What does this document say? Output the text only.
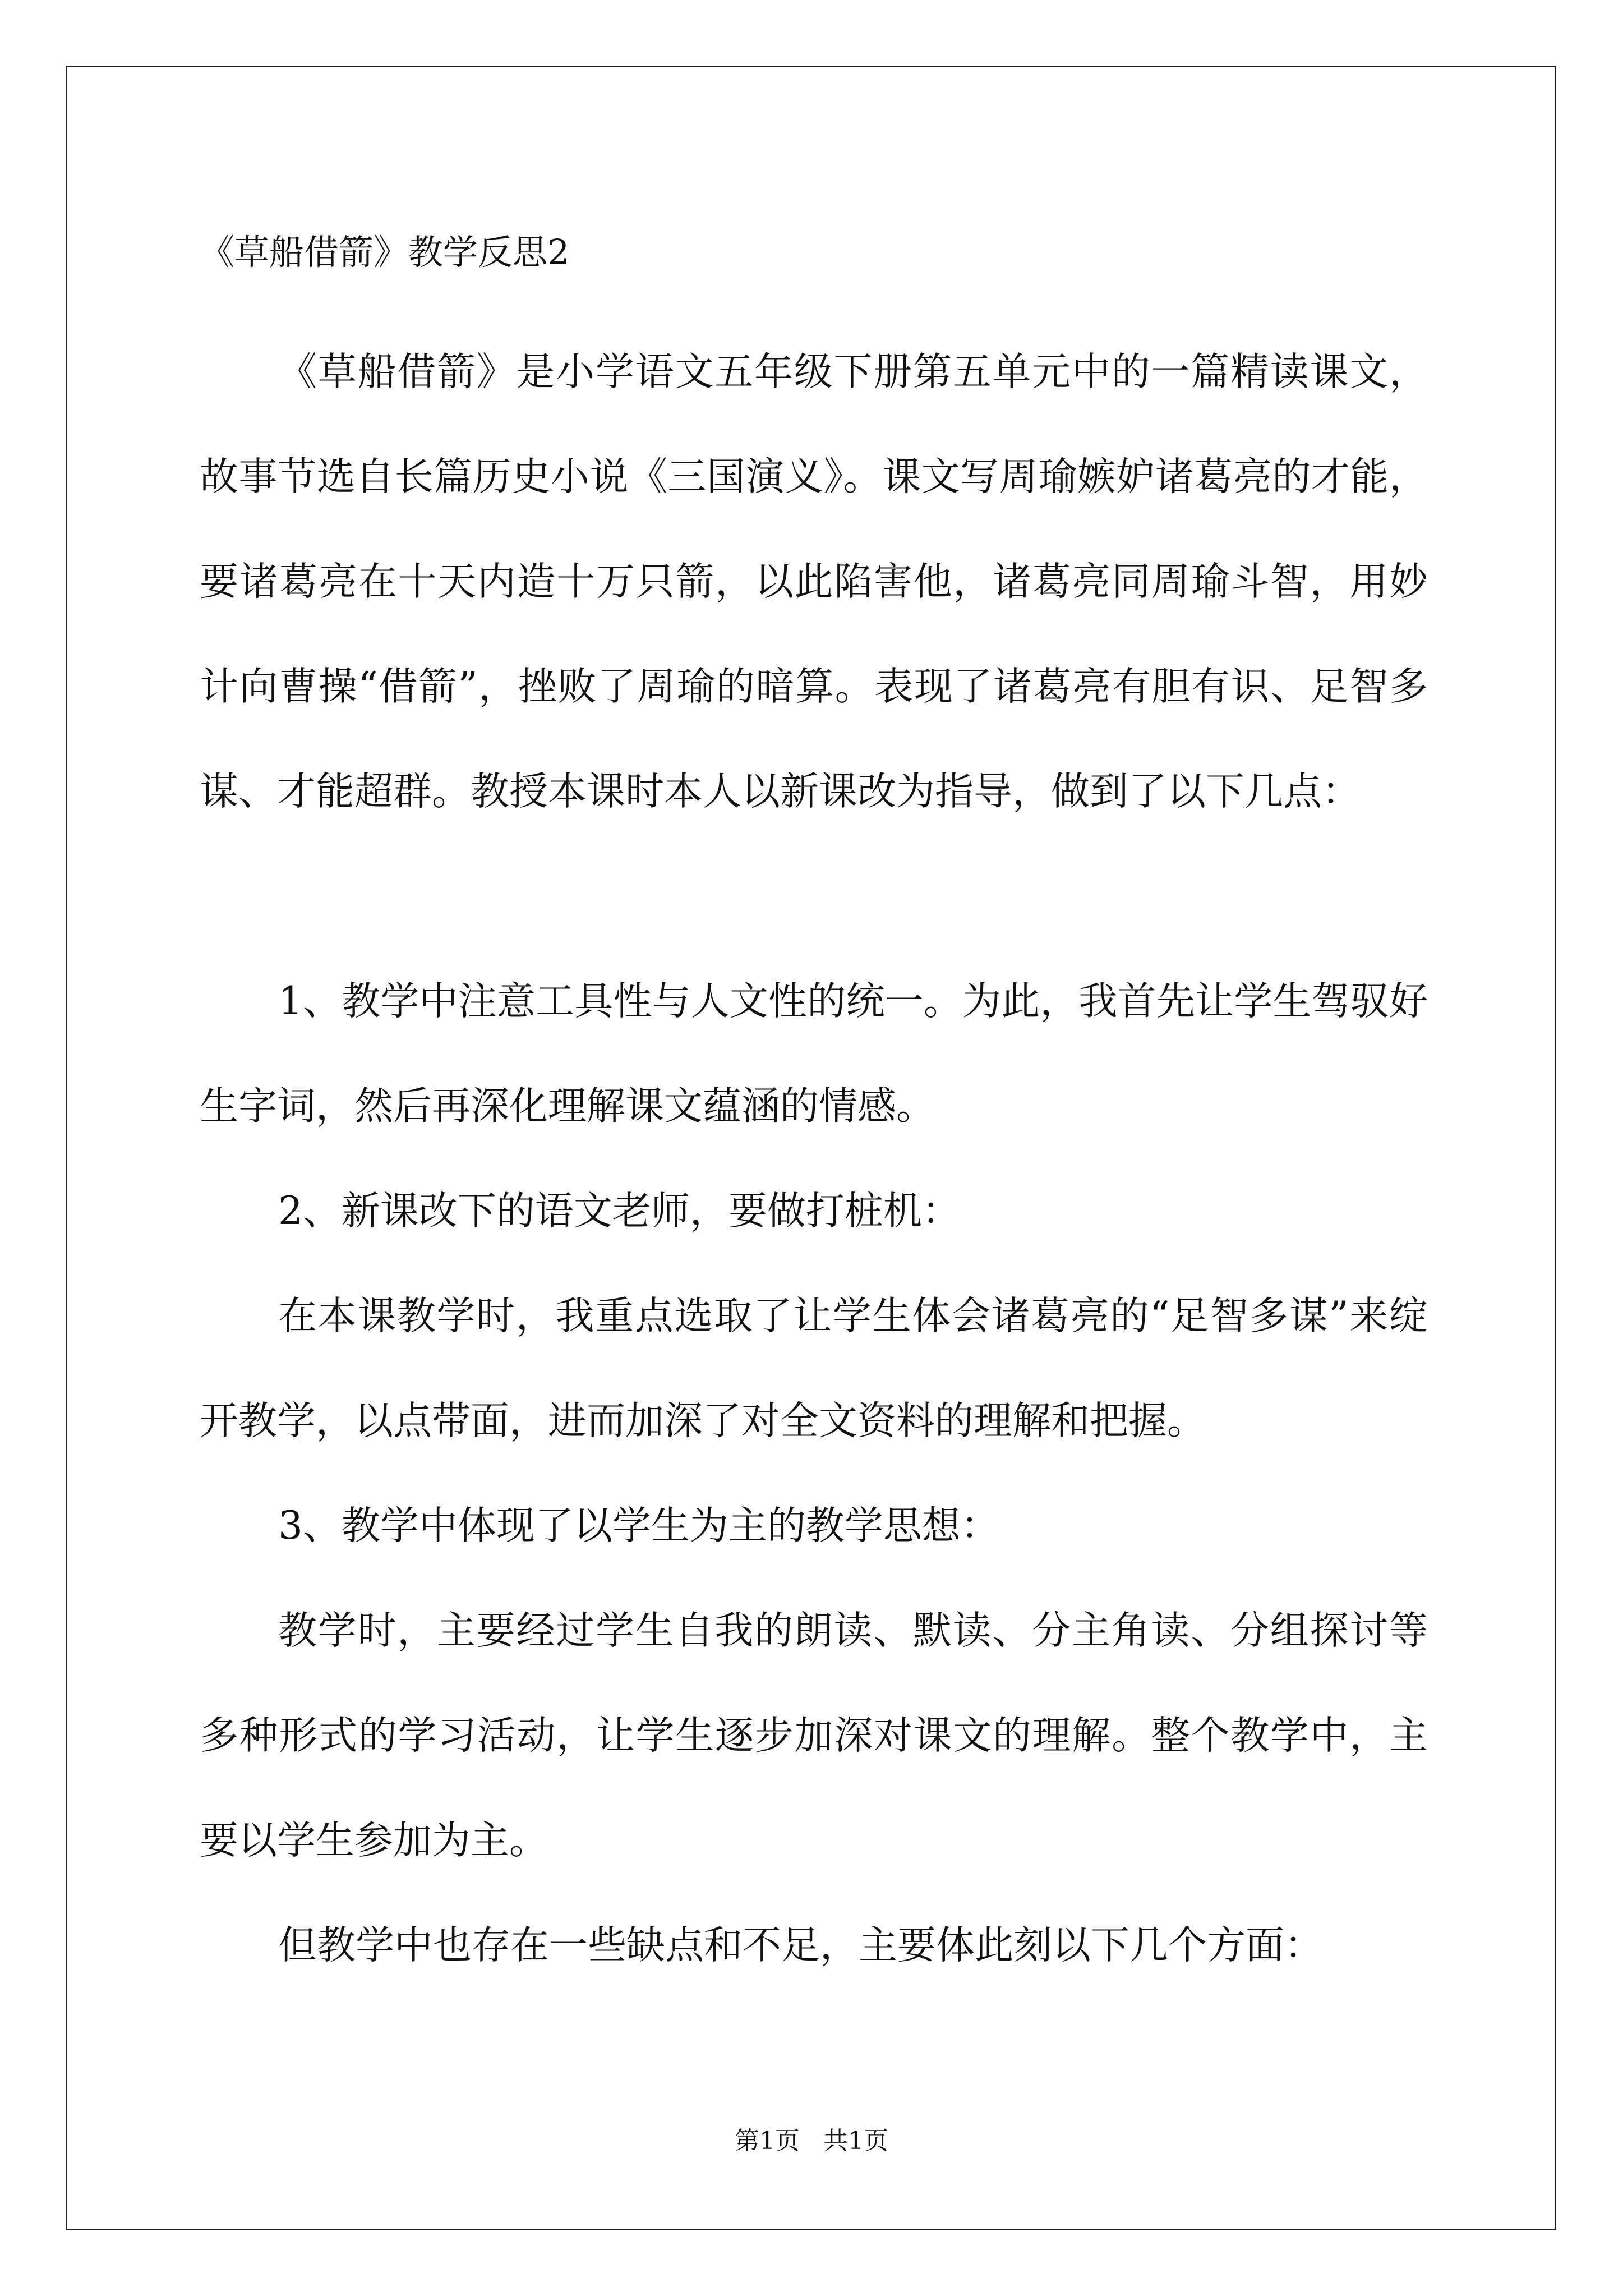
《草船借箭》教学反思2

《草船借箭》是小学语文五年级下册第五单元中的一篇精读课文，故事节选自长篇历史小说《三国演义》。课文写周瑜嫉妒诸葛亮的才能，要诸葛亮在十天内造十万只箭，以此陷害他，诸葛亮同周瑜斗智，用妙计向曹操“借箭”，挫败了周瑜的暗算。表现了诸葛亮有胆有识、足智多谋、才能超群。教授本课时本人以新课改为指导，做到了以下几点：

1、教学中注意工具性与人文性的统一。为此，我首先让学生驾驭好生字词，然后再深化理解课文蕴涵的情感。

2、新课改下的语文老师，要做打桩机：

在本课教学时，我重点选取了让学生体会诸葛亮的“足智多谋”来绽开教学，以点带面，进而加深了对全文资料的理解和把握。

3、教学中体现了以学生为主的教学思想：

教学时，主要经过学生自我的朗读、默读、分主角读、分组探讨等多种形式的学习活动，让学生逐步加深对课文的理解。整个教学中，主要以学生参加为主。

但教学中也存在一些缺点和不足，主要体此刻以下几个方面：

第1页 共1页
